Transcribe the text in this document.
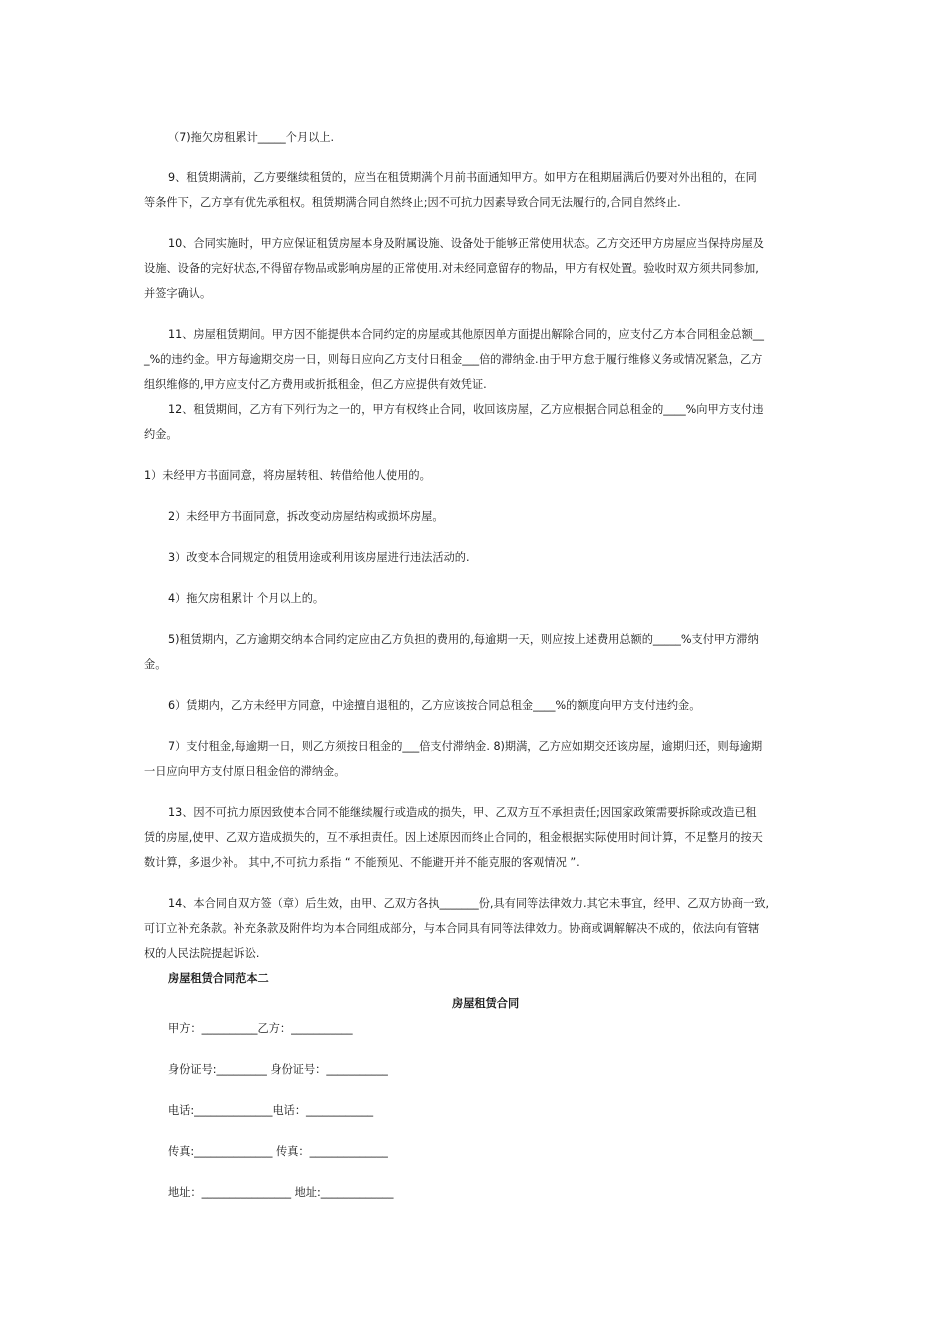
（7)拖欠房租累计_____个月以上.
9、租赁期满前，乙方要继续租赁的，应当在租赁期满个月前书面通知甲方。如甲方在租期届满后仍要对外出租的，在同
等条件下，乙方享有优先承租权。租赁期满合同自然终止;因不可抗力因素导致合同无法履行的,合同自然终止.
10、合同实施时，甲方应保证租赁房屋本身及附属设施、设备处于能够正常使用状态。乙方交还甲方房屋应当保持房屋及
设施、设备的完好状态,不得留存物品或影响房屋的正常使用.对未经同意留存的物品，甲方有权处置。验收时双方须共同参加,
并签字确认。
11、房屋租赁期间。甲方因不能提供本合同约定的房屋或其他原因单方面提出解除合同的，应支付乙方本合同租金总额__
_%的违约金。甲方每逾期交房一日，则每日应向乙方支付日租金___倍的滞纳金.由于甲方怠于履行维修义务或情况紧急，乙方
组织维修的,甲方应支付乙方费用或折抵租金，但乙方应提供有效凭证.
12、租赁期间，乙方有下列行为之一的，甲方有权终止合同，收回该房屋，乙方应根据合同总租金的____%向甲方支付违
约金。
1）未经甲方书面同意，将房屋转租、转借给他人使用的。
2）未经甲方书面同意，拆改变动房屋结构或损坏房屋。
3）改变本合同规定的租赁用途或利用该房屋进行违法活动的.
4）拖欠房租累计 个月以上的。
5)租赁期内，乙方逾期交纳本合同约定应由乙方负担的费用的,每逾期一天，则应按上述费用总额的_____%支付甲方滞纳
金。
6）赁期内，乙方未经甲方同意，中途擅自退租的，乙方应该按合同总租金____%的额度向甲方支付违约金。
7）支付租金,每逾期一日，则乙方须按日租金的___倍支付滞纳金. 8)期满，乙方应如期交还该房屋，逾期归还，则每逾期
一日应向甲方支付原日租金倍的滞纳金。
13、因不可抗力原因致使本合同不能继续履行或造成的损失，甲、乙双方互不承担责任;因国家政策需要拆除或改造已租
赁的房屋,使甲、乙双方造成损失的，互不承担责任。因上述原因而终止合同的，租金根据实际使用时间计算，不足整月的按天
数计算，多退少补。 其中,不可抗力系指 “ 不能预见、不能避开并不能克服的客观情况 ”.
14、本合同自双方签（章）后生效，由甲、乙双方各执_______份,具有同等法律效力.其它未事宜，经甲、乙双方协商一致,
可订立补充条款。补充条款及附件均为本合同组成部分，与本合同具有同等法律效力。协商或调解解决不成的，依法向有管辖
权的人民法院提起诉讼.
房屋租赁合同范本二
房屋租赁合同
甲方：__________乙方：___________
身份证号:_________ 身份证号：___________
电话:______________电话：____________
传真:______________ 传真：______________
地址：________________ 地址:_____________
